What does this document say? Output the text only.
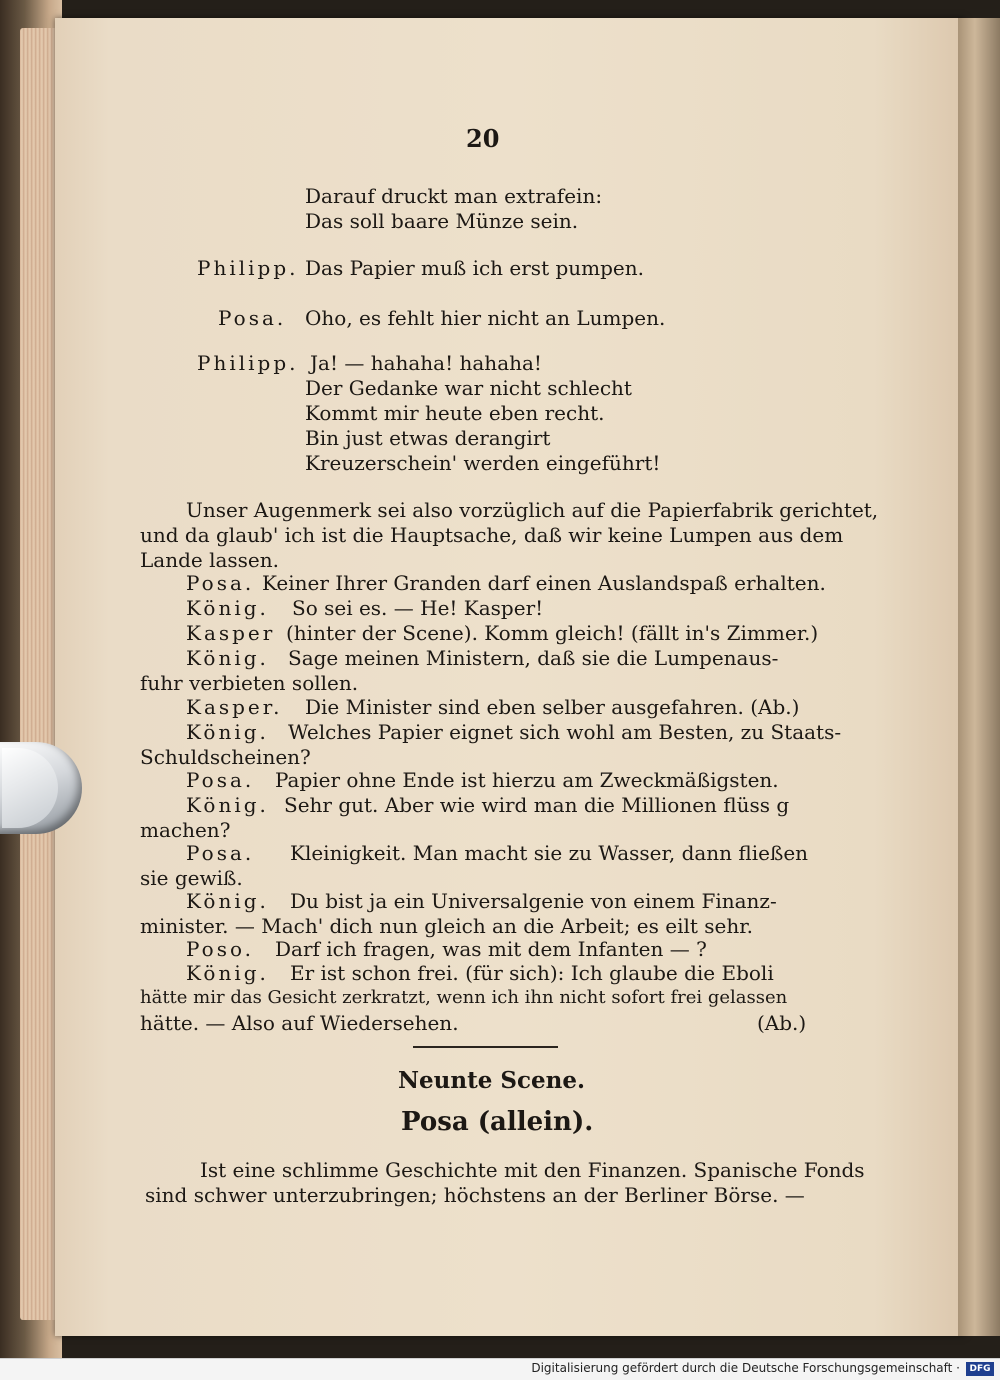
20
Darauf druckt man extrafein:
Das soll baare Münze sein.
Philipp. Das Papier muß ich erst pumpen.
Posa. Oho, es fehlt hier nicht an Lumpen.
Philipp. Ja! — hahaha! hahaha!
Der Gedanke war nicht schlecht
Kommt mir heute eben recht.
Bin just etwas derangirt
Kreuzerschein' werden eingeführt!
Unser Augenmerk sei also vorzüglich auf die Papierfabrik gerichtet,
und da glaub' ich ist die Hauptsache, daß wir keine Lumpen aus dem
Lande lassen.
Posa. Keiner Ihrer Granden darf einen Auslandspaß erhalten.
König. So sei es. — He! Kasper!
Kasper (hinter der Scene). Komm gleich! (fällt in's Zimmer.)
König. Sage meinen Ministern, daß sie die Lumpenaus-
fuhr verbieten sollen.
Kasper. Die Minister sind eben selber ausgefahren. (Ab.)
König. Welches Papier eignet sich wohl am Besten, zu Staats-
Schuldscheinen?
Posa. Papier ohne Ende ist hierzu am Zweckmäßigsten.
König. Sehr gut. Aber wie wird man die Millionen flüss g
machen?
Posa. Kleinigkeit. Man macht sie zu Wasser, dann fließen
sie gewiß.
König. Du bist ja ein Universalgenie von einem Finanz-
minister. — Mach' dich nun gleich an die Arbeit; es eilt sehr.
Poso. Darf ich fragen, was mit dem Infanten — ?
König. Er ist schon frei. (für sich): Ich glaube die Eboli
hätte mir das Gesicht zerkratzt, wenn ich ihn nicht sofort frei gelassen
hätte. — Also auf Wiedersehen.	(Ab.)
Neunte Scene.
Posa (allein).
Ist eine schlimme Geschichte mit den Finanzen. Spanische Fonds
sind schwer unterzubringen; höchstens an der Berliner Börse. —
Digitalisierung gefördert durch die Deutsche Forschungsgemeinschaft ·	DFG
